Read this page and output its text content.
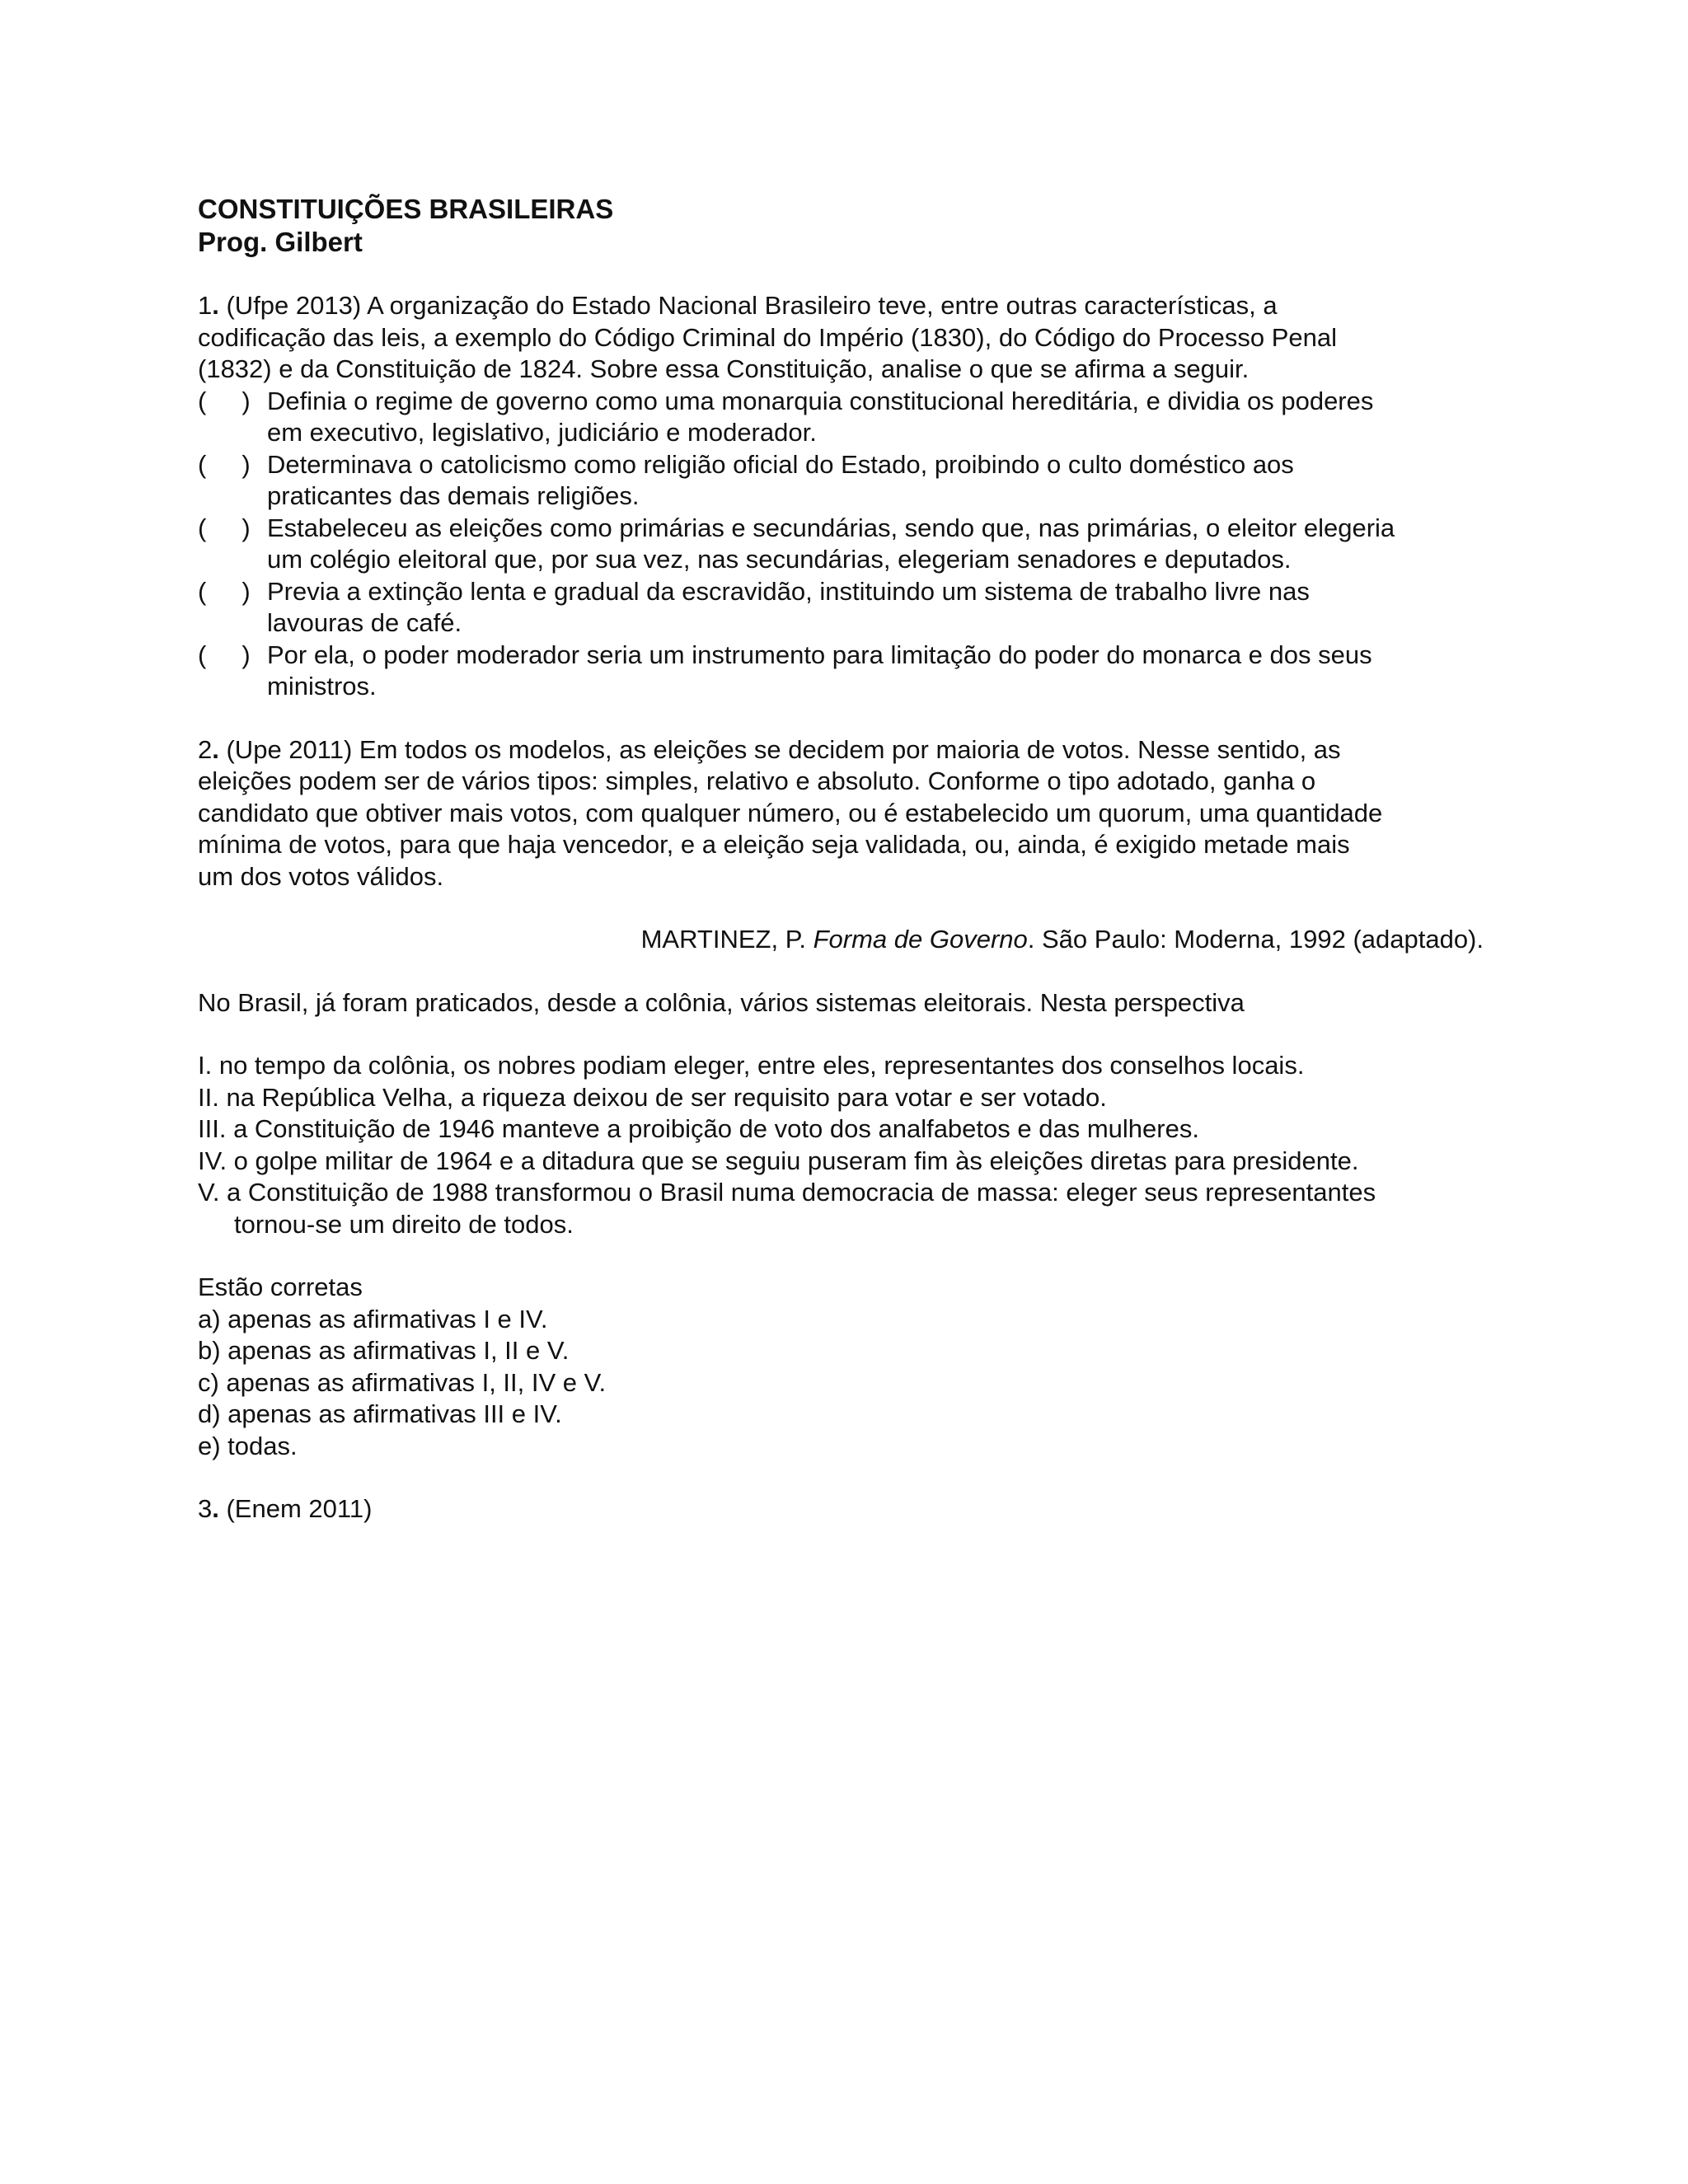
CONSTITUIÇÕES BRASILEIRAS
Prog. Gilbert
1. (Ufpe 2013) A organização do Estado Nacional Brasileiro teve, entre outras características, a
codificação das leis, a exemplo do Código Criminal do Império (1830), do Código do Processo Penal
(1832) e da Constituição de 1824. Sobre essa Constituição, analise o que se afirma a seguir.
(     ) Definia o regime de governo como uma monarquia constitucional hereditária, e dividia os poderes
em executivo, legislativo, judiciário e moderador.
(     ) Determinava o catolicismo como religião oficial do Estado, proibindo o culto doméstico aos
praticantes das demais religiões.
(     ) Estabeleceu as eleições como primárias e secundárias, sendo que, nas primárias, o eleitor elegeria
um colégio eleitoral que, por sua vez, nas secundárias, elegeriam senadores e deputados.
(     ) Previa a extinção lenta e gradual da escravidão, instituindo um sistema de trabalho livre nas
lavouras de café.
(     ) Por ela, o poder moderador seria um instrumento para limitação do poder do monarca e dos seus
ministros.
2. (Upe 2011) Em todos os modelos, as eleições se decidem por maioria de votos. Nesse sentido, as
eleições podem ser de vários tipos: simples, relativo e absoluto. Conforme o tipo adotado, ganha o
candidato que obtiver mais votos, com qualquer número, ou é estabelecido um quorum, uma quantidade
mínima de votos, para que haja vencedor, e a eleição seja validada, ou, ainda, é exigido metade mais
um dos votos válidos.
MARTINEZ, P. Forma de Governo. São Paulo: Moderna, 1992 (adaptado).
No Brasil, já foram praticados, desde a colônia, vários sistemas eleitorais. Nesta perspectiva
I. no tempo da colônia, os nobres podiam eleger, entre eles, representantes dos conselhos locais.
II. na República Velha, a riqueza deixou de ser requisito para votar e ser votado.
III. a Constituição de 1946 manteve a proibição de voto dos analfabetos e das mulheres.
IV. o golpe militar de 1964 e a ditadura que se seguiu puseram fim às eleições diretas para presidente.
V. a Constituição de 1988 transformou o Brasil numa democracia de massa: eleger seus representantes
tornou-se um direito de todos.
Estão corretas
a) apenas as afirmativas I e IV.
b) apenas as afirmativas I, II e V.
c) apenas as afirmativas I, II, IV e V.
d) apenas as afirmativas III e IV.
e) todas.
3. (Enem 2011)
